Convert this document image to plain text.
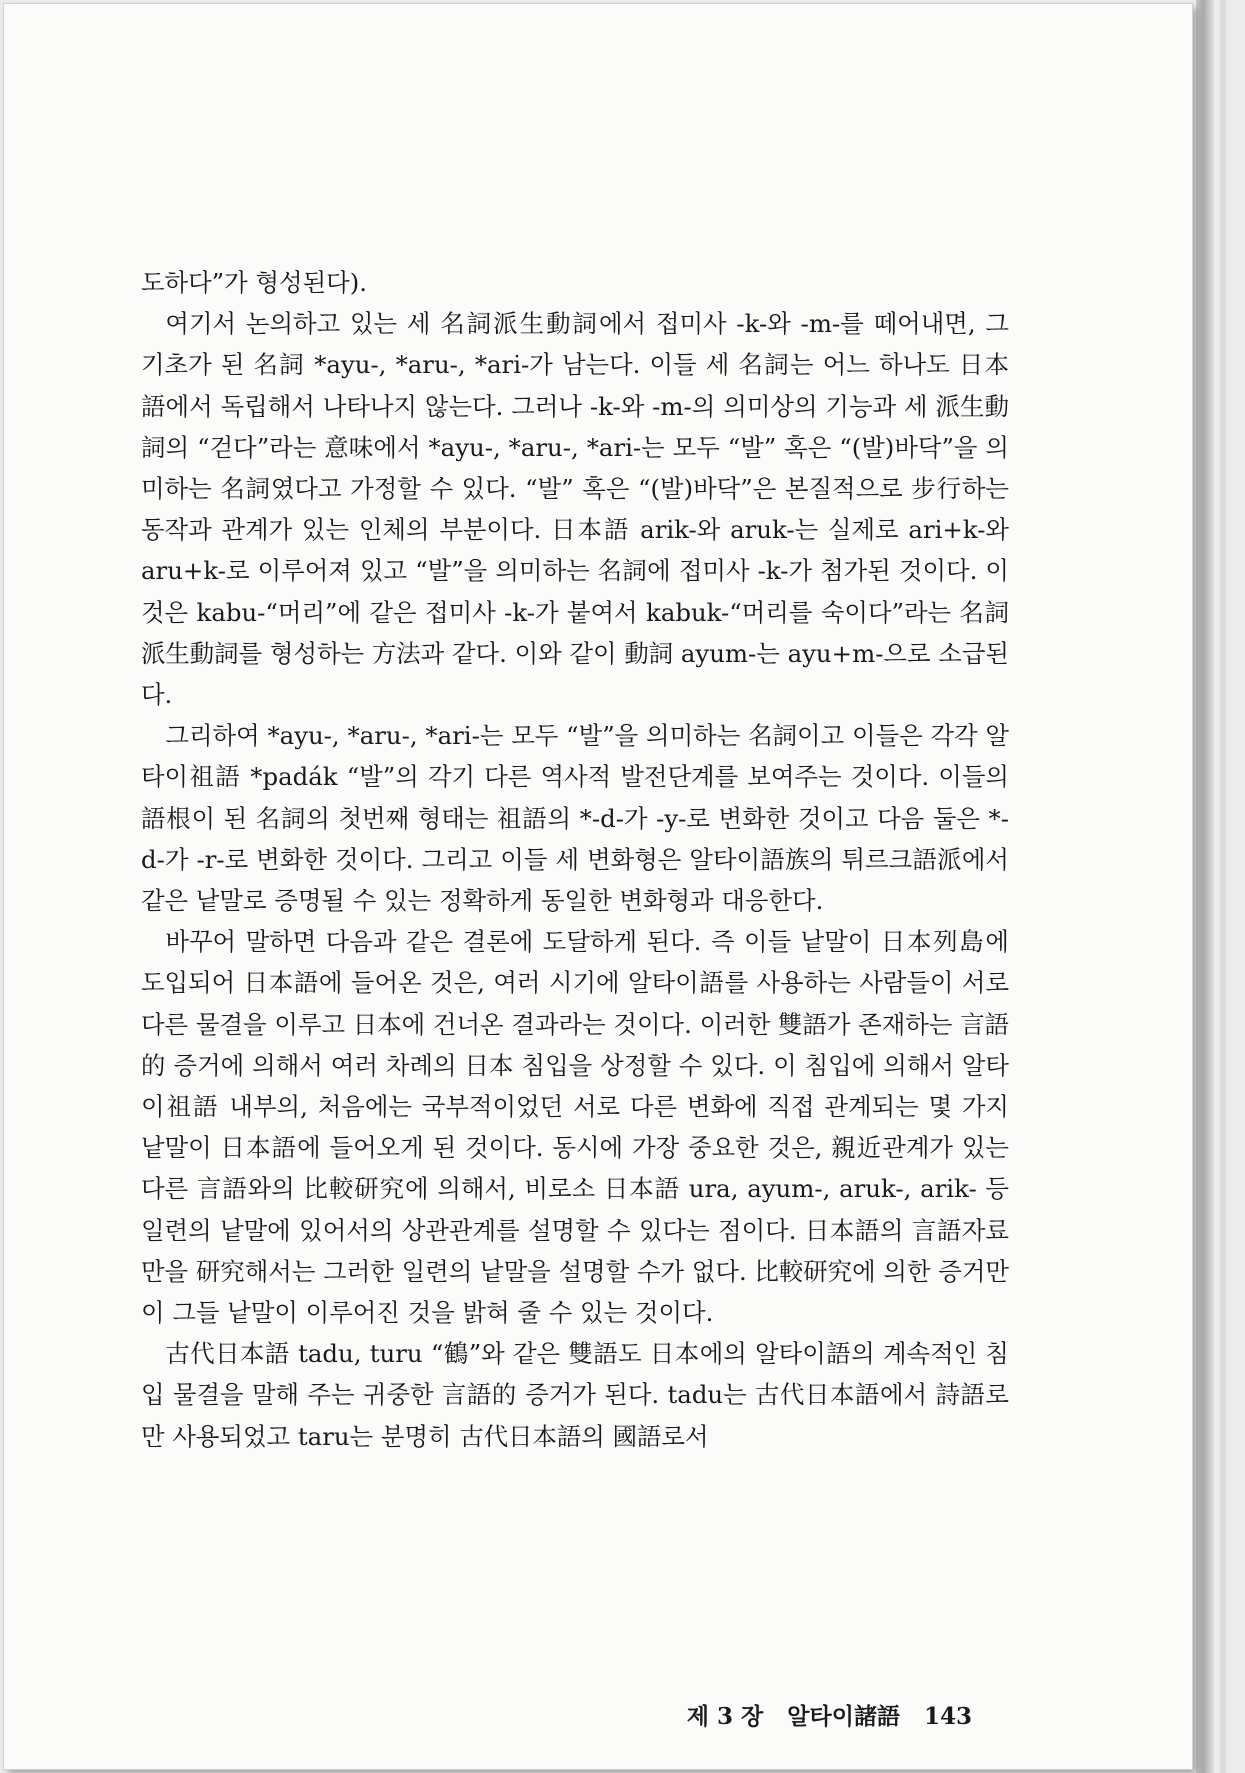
도하다”가 형성된다).

여기서 논의하고 있는 세 名詞派生動詞에서 접미사 -k-와 -m-를 떼어내면, 그 기초가 된 名詞 *ayu-, *aru-, *ari-가 남는다. 이들 세 名詞는 어느 하나도 日本語에서 독립해서 나타나지 않는다. 그러나 -k-와 -m-의 의미상의 기능과 세 派生動詞의 “걷다”라는 意味에서 *ayu-, *aru-, *ari-는 모두 “발” 혹은 “(발)바닥”을 의미하는 名詞였다고 가정할 수 있다. “발” 혹은 “(발)바닥”은 본질적으로 步行하는 동작과 관계가 있는 인체의 부분이다. 日本語 arik-와 aruk-는 실제로 ari+k-와 aru+k-로 이루어져 있고 “발”을 의미하는 名詞에 접미사 -k-가 첨가된 것이다. 이것은 kabu-“머리”에 같은 접미사 -k-가 붙여서 kabuk-“머리를 숙이다”라는 名詞派生動詞를 형성하는 方法과 같다. 이와 같이 動詞 ayum-는 ayu+m-으로 소급된다.

그리하여 *ayu-, *aru-, *ari-는 모두 “발”을 의미하는 名詞이고 이들은 각각 알타이祖語 *padák “발”의 각기 다른 역사적 발전단계를 보여주는 것이다. 이들의 語根이 된 名詞의 첫번째 형태는 祖語의 *-d-가 -y-로 변화한 것이고 다음 둘은 *-d-가 -r-로 변화한 것이다. 그리고 이들 세 변화형은 알타이語族의 튀르크語派에서 같은 낱말로 증명될 수 있는 정확하게 동일한 변화형과 대응한다.

바꾸어 말하면 다음과 같은 결론에 도달하게 된다. 즉 이들 낱말이 日本列島에 도입되어 日本語에 들어온 것은, 여러 시기에 알타이語를 사용하는 사람들이 서로 다른 물결을 이루고 日本에 건너온 결과라는 것이다. 이러한 雙語가 존재하는 言語的 증거에 의해서 여러 차례의 日本 침입을 상정할 수 있다. 이 침입에 의해서 알타이祖語 내부의, 처음에는 국부적이었던 서로 다른 변화에 직접 관계되는 몇 가지 낱말이 日本語에 들어오게 된 것이다. 동시에 가장 중요한 것은, 親近관계가 있는 다른 言語와의 比較研究에 의해서, 비로소 日本語 ura, ayum-, aruk-, arik- 등 일련의 낱말에 있어서의 상관관계를 설명할 수 있다는 점이다. 日本語의 言語자료만을 研究해서는 그러한 일련의 낱말을 설명할 수가 없다. 比較研究에 의한 증거만이 그들 낱말이 이루어진 것을 밝혀 줄 수 있는 것이다.

古代日本語 tadu, turu “鶴”와 같은 雙語도 日本에의 알타이語의 계속적인 침입 물결을 말해 주는 귀중한 言語的 증거가 된다. tadu는 古代日本語에서 詩語로만 사용되었고 taru는 분명히 古代日本語의 國語로서

제 3 장 알타이諸語 143
